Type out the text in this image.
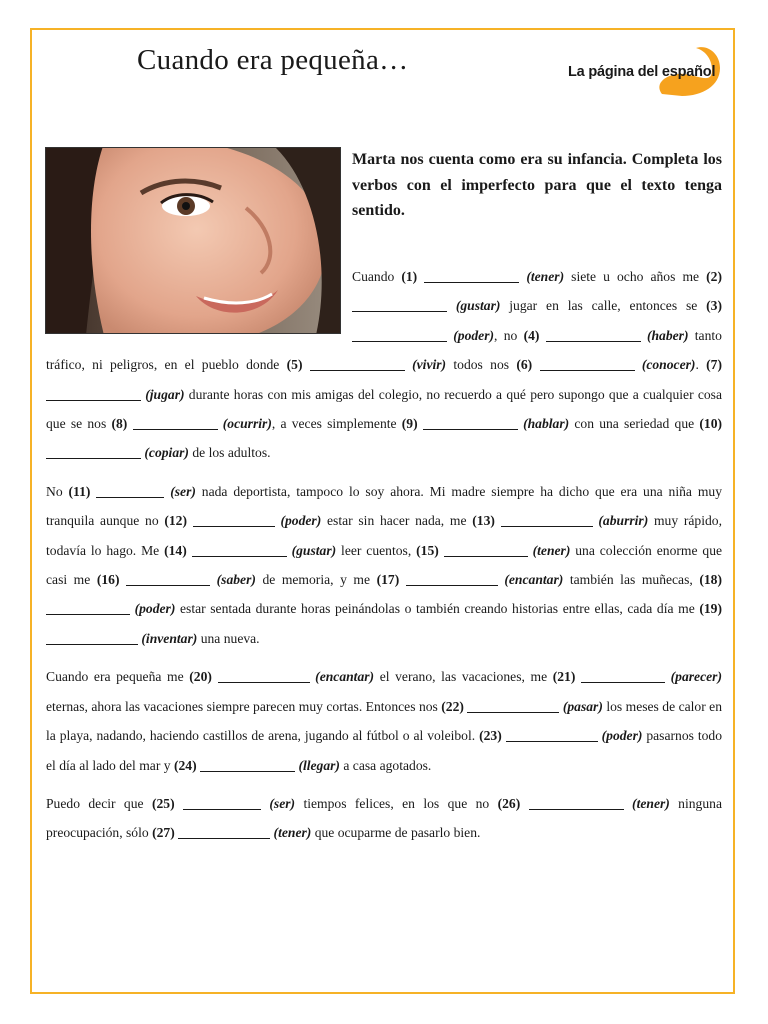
Cuando era pequeña…	La página del español
Marta nos cuenta como era su infancia. Completa los verbos con el imperfecto para que el texto tenga sentido.

Cuando (1)	(tener) siete u ocho años me (2)  (gustar) jugar en las calle, entonces se (3)  (poder), no (4)	(haber) tanto tráfico, ni peligros, en el pueblo donde (5)	(vivir) todos nos (6)	(conocer). (7)  (jugar) durante horas con mis amigas del colegio, no recuerdo a qué pero supongo que a cualquier cosa que se nos (8)	(ocurrir), a veces simplemente (9)	(hablar) con una seriedad que (10)  (copiar) de los adultos.

No (11)	(ser) nada deportista, tampoco lo soy ahora. Mi madre siempre ha dicho que era una niña muy tranquila aunque no (12)	(poder) estar sin hacer nada, me (13)	(aburrir) muy rápido, todavía lo hago. Me (14)	(gustar) leer cuentos, (15)	(tener) una colección enorme que casi me (16)	(saber) de memoria, y me (17)	(encantar) también las muñecas, (18)  (poder) estar sentada durante horas peinándolas o también creando historias entre ellas, cada día me (19)  (inventar) una nueva.

Cuando era pequeña me (20)	(encantar) el verano, las vacaciones, me (21)	(parecer) eternas, ahora las vacaciones siempre parecen muy cortas. Entonces nos (22)	(pasar) los meses de calor en la playa, nadando, haciendo castillos de arena, jugando al fútbol o al voleibol. (23)	(poder) pasarnos todo el día al lado del mar y (24)	(llegar) a casa agotados.

Puedo decir que (25)	(ser) tiempos felices, en los que no (26)	(tener) ninguna preocupación, sólo (27)	(tener) que ocuparme de pasarlo bien.
